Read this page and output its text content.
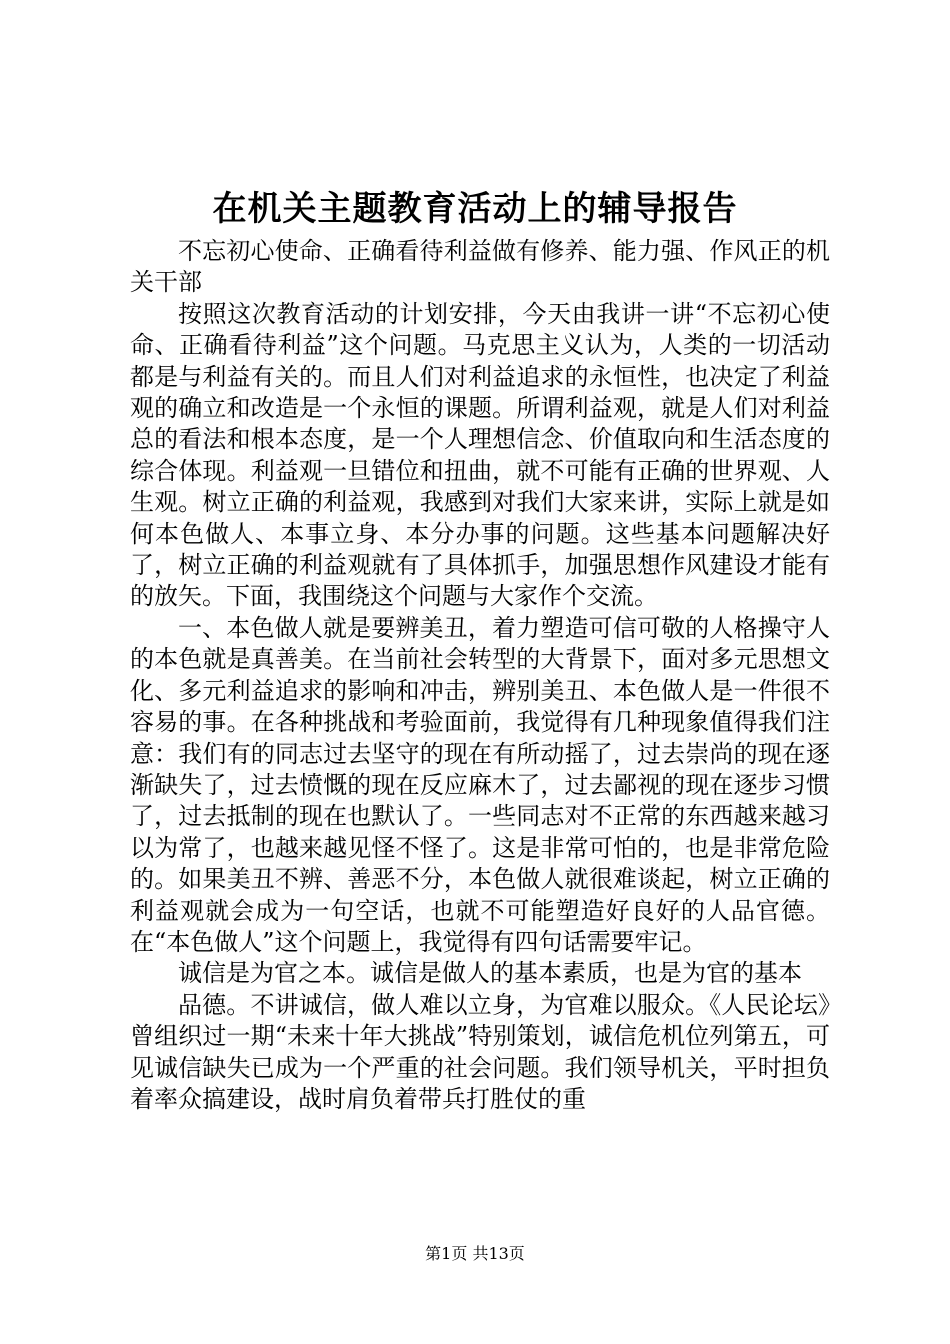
在机关主题教育活动上的辅导报告

不忘初心使命、正确看待利益做有修养、能力强、作风正的机关干部

按照这次教育活动的计划安排，今天由我讲一讲“不忘初心使命、正确看待利益”这个问题。马克思主义认为，人类的一切活动都是与利益有关的。而且人们对利益追求的永恒性，也决定了利益观的确立和改造是一个永恒的课题。所谓利益观，就是人们对利益总的看法和根本态度，是一个人理想信念、价值取向和生活态度的综合体现。利益观一旦错位和扭曲，就不可能有正确的世界观、人生观。树立正确的利益观，我感到对我们大家来讲，实际上就是如何本色做人、本事立身、本分办事的问题。这些基本问题解决好了，树立正确的利益观就有了具体抓手，加强思想作风建设才能有的放矢。下面，我围绕这个问题与大家作个交流。

一、本色做人就是要辨美丑，着力塑造可信可敬的人格操守人的本色就是真善美。在当前社会转型的大背景下，面对多元思想文化、多元利益追求的影响和冲击，辨别美丑、本色做人是一件很不容易的事。在各种挑战和考验面前，我觉得有几种现象值得我们注意：我们有的同志过去坚守的现在有所动摇了，过去崇尚的现在逐渐缺失了，过去愤慨的现在反应麻木了，过去鄙视的现在逐步习惯了，过去抵制的现在也默认了。一些同志对不正常的东西越来越习以为常了，也越来越见怪不怪了。这是非常可怕的，也是非常危险的。如果美丑不辨、善恶不分，本色做人就很难谈起，树立正确的利益观就会成为一句空话，也就不可能塑造好良好的人品官德。在“本色做人”这个问题上，我觉得有四句话需要牢记。

诚信是为官之本。诚信是做人的基本素质，也是为官的基本

品德。不讲诚信，做人难以立身，为官难以服众。《人民论坛》曾组织过一期“未来十年大挑战”特别策划，诚信危机位列第五，可见诚信缺失已成为一个严重的社会问题。我们领导机关，平时担负着率众搞建设，战时肩负着带兵打胜仗的重

第1页 共13页
